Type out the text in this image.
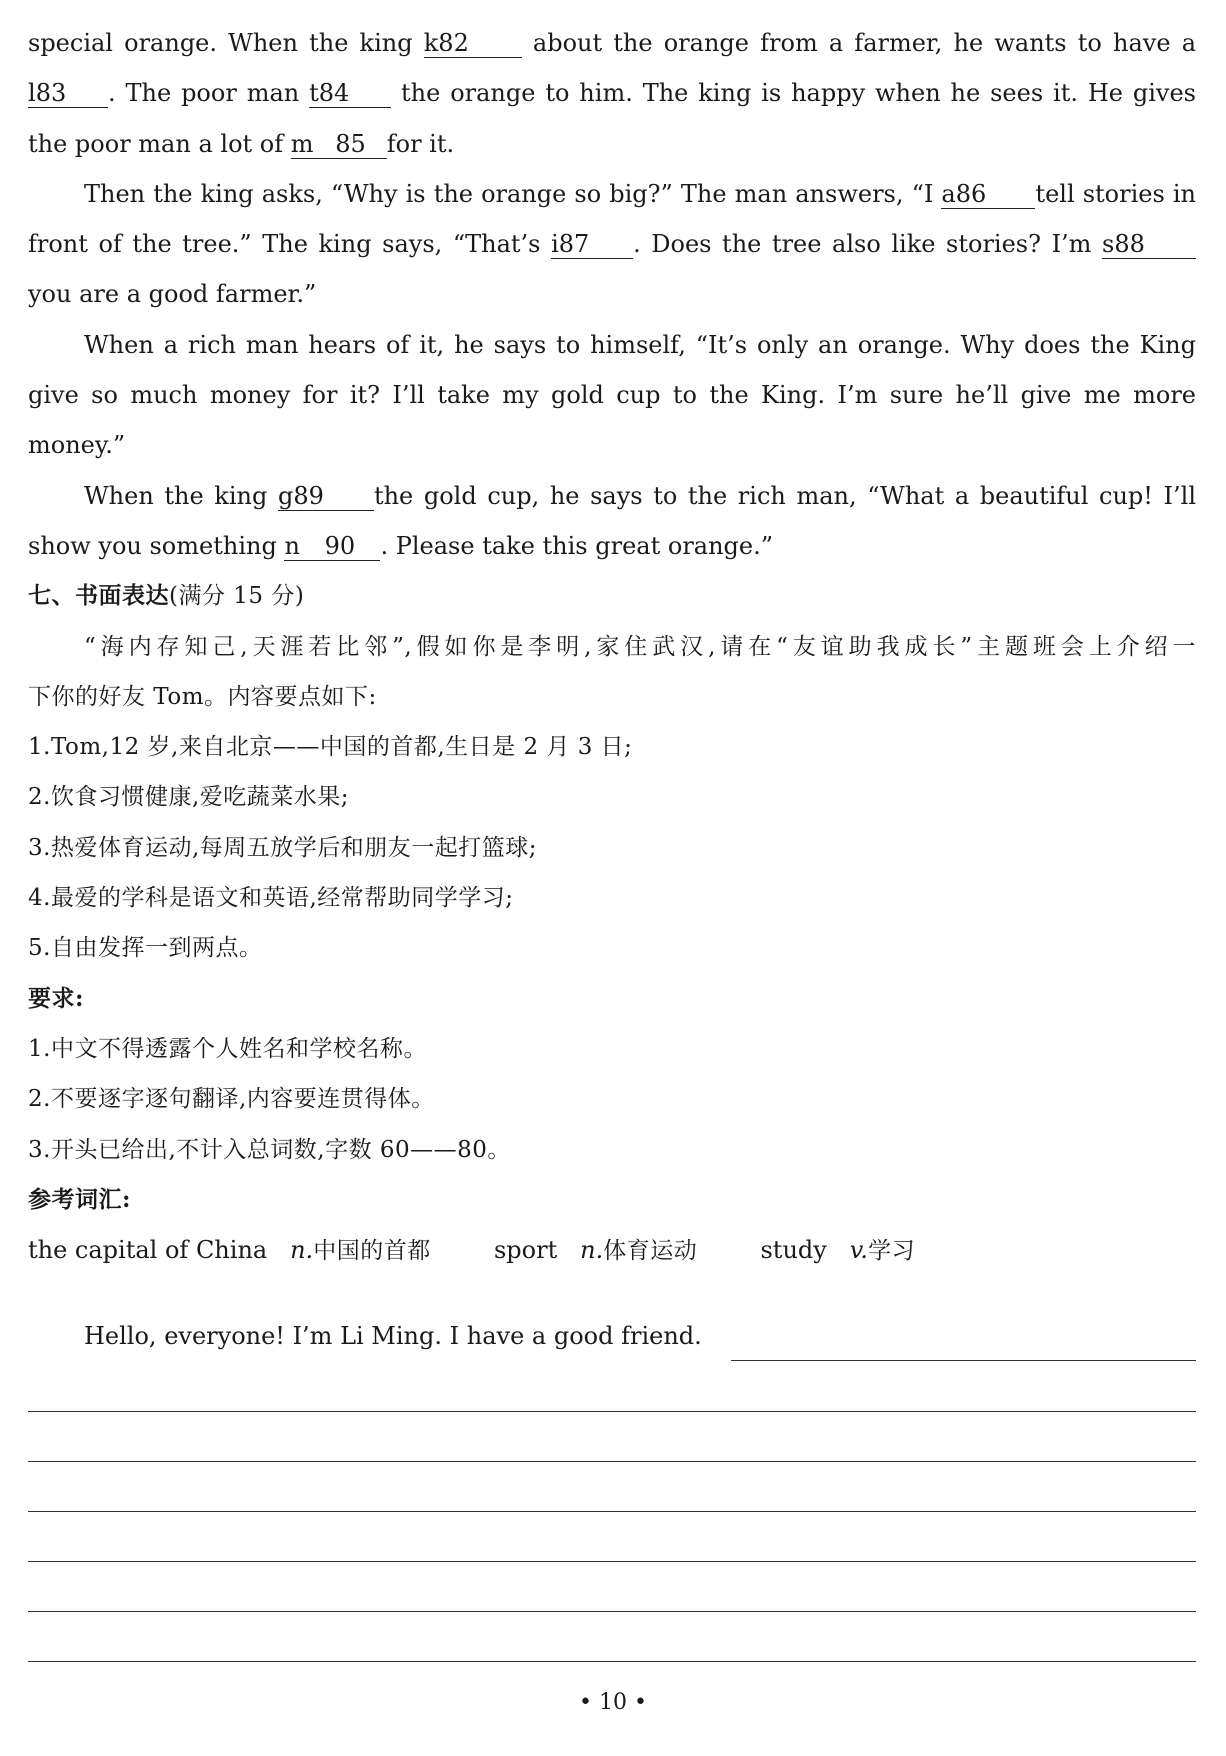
special orange. When the king k82	about the orange from a farmer, he wants to have a
l83 . The poor man t84 the orange to him. The king is happy when he sees it. He gives
the poor man a lot of m 85 for it.
Then the king asks, “Why is the orange so big?” The man answers, “I a86 tell stories in
front of the tree.” The king says, “That’s i87 . Does the tree also like stories? I’m s88
you are a good farmer.”
When a rich man hears of it, he says to himself, “It’s only an orange. Why does the King
give so much money for it? I’ll take my gold cup to the King. I’m sure he’ll give me more
money.”
When the king g89 the gold cup, he says to the rich man, “What a beautiful cup! I’ll
show you something n 90 . Please take this great orange.”
七、书面表达(满分 15 分)
“海内存知己,天涯若比邻”,假如你是李明,家住武汉,请在“友谊助我成长”主题班会上介绍一
下你的好友 Tom。内容要点如下:
1.Tom,12 岁,来自北京——中国的首都,生日是 2 月 3 日;
2.饮食习惯健康,爱吃蔬菜水果;
3.热爱体育运动,每周五放学后和朋友一起打篮球;
4.最爱的学科是语文和英语,经常帮助同学学习;
5.自由发挥一到两点。
要求:
1.中文不得透露个人姓名和学校名称。
2.不要逐字逐句翻译,内容要连贯得体。
3.开头已给出,不计入总词数,字数 60——80。
参考词汇:
the capital of China n.中国的首都	sport n.体育运动	study v.学习
Hello, everyone! I’m Li Ming. I have a good friend.
• 10 •
